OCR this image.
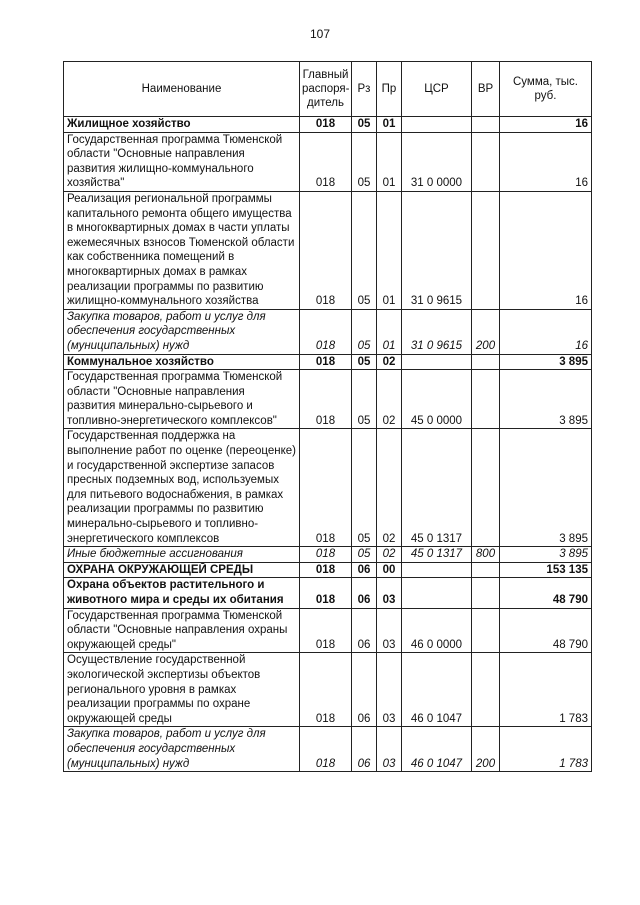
107
Наименование	Главный распоря-дитель	Рз	Пр	ЦСР	ВР	Сумма, тыс. руб.
Жилищное хозяйство	018	05	01			16
Государственная программа Тюменской области "Основные направления развития жилищно-коммунального хозяйства"	018	05	01	31 0 0000		16
Реализация региональной программы капитального ремонта общего имущества в многоквартирных домах в части уплаты ежемесячных взносов Тюменской области как собственника помещений в многоквартирных домах в рамках реализации программы по развитию жилищно-коммунального хозяйства	018	05	01	31 0 9615		16
Закупка товаров, работ и услуг для обеспечения государственных (муниципальных) нужд	018	05	01	31 0 9615	200	16
Коммунальное хозяйство	018	05	02			3 895
Государственная программа Тюменской области "Основные направления развития минерально-сырьевого и топливно-энергетического комплексов"	018	05	02	45 0 0000		3 895
Государственная поддержка на выполнение работ по оценке (переоценке) и государственной экспертизе запасов пресных подземных вод, используемых для питьевого водоснабжения, в рамках реализации программы по развитию минерально-сырьевого и топливно-энергетического комплексов	018	05	02	45 0 1317		3 895
Иные бюджетные ассигнования	018	05	02	45 0 1317	800	3 895
ОХРАНА ОКРУЖАЮЩЕЙ СРЕДЫ	018	06	00			153 135
Охрана объектов растительного и животного мира и среды их обитания	018	06	03			48 790
Государственная программа Тюменской области "Основные направления охраны окружающей среды"	018	06	03	46 0 0000		48 790
Осуществление государственной экологической экспертизы объектов регионального уровня в рамках реализации программы по охране окружающей среды	018	06	03	46 0 1047		1 783
Закупка товаров, работ и услуг для обеспечения государственных (муниципальных) нужд	018	06	03	46 0 1047	200	1 783
